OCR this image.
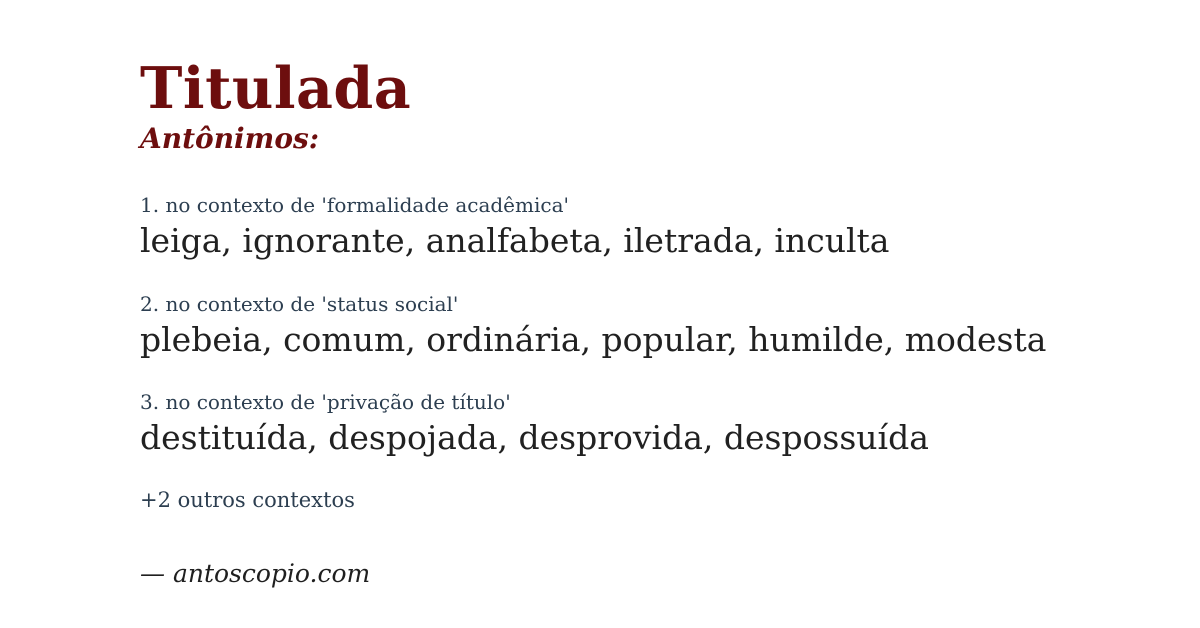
Titulada
Antônimos:
1. no contexto de 'formalidade acadêmica'
leiga, ignorante, analfabeta, iletrada, inculta
2. no contexto de 'status social'
plebeia, comum, ordinária, popular, humilde, modesta
3. no contexto de 'privação de título'
destituída, despojada, desprovida, despossuída
+2 outros contextos
— antoscopio.com
